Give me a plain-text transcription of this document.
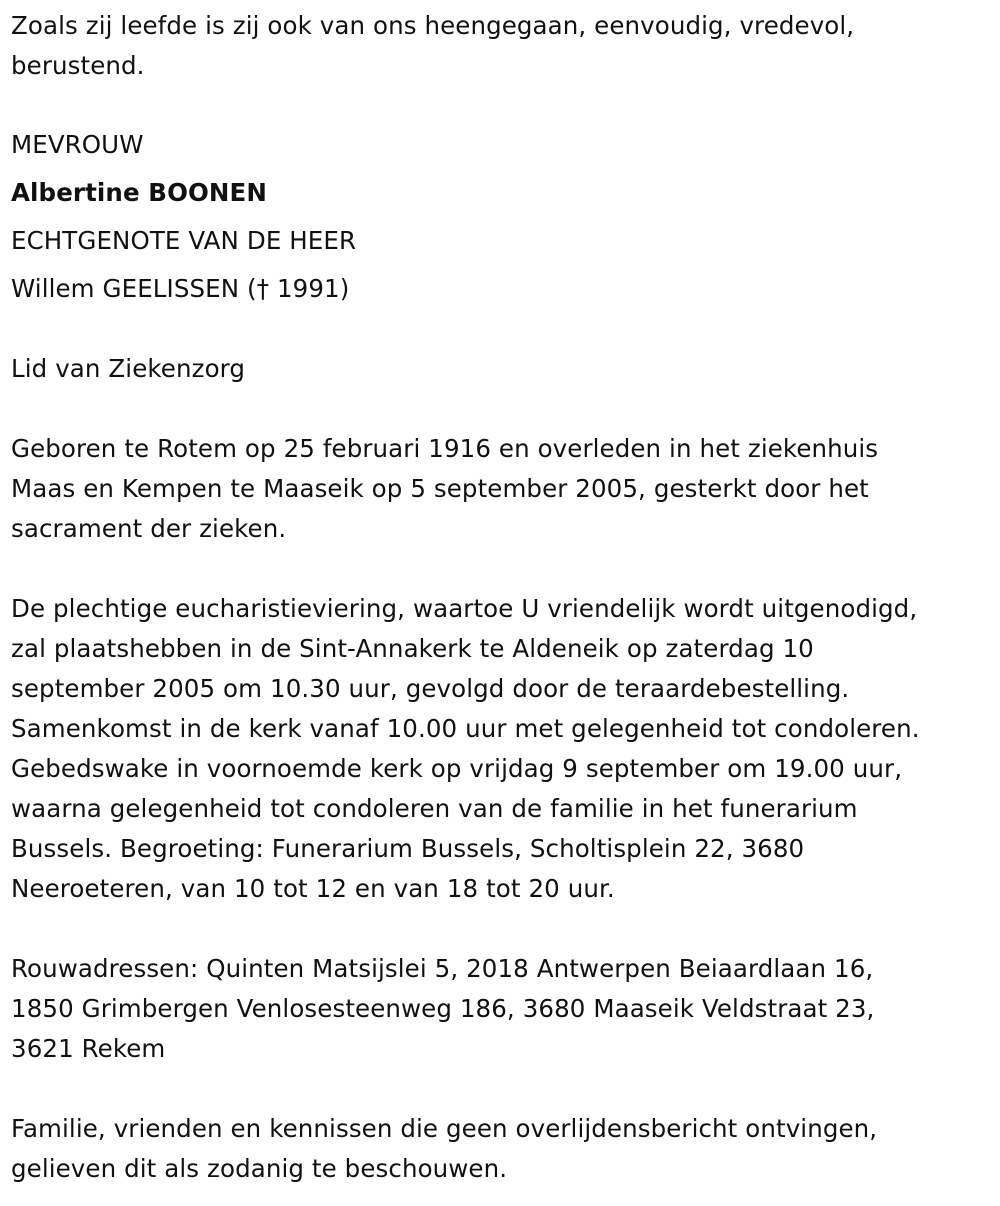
Zoals zij leefde is zij ook van ons heengegaan, eenvoudig, vredevol,
berustend.
MEVROUW
Albertine BOONEN
ECHTGENOTE VAN DE HEER
Willem GEELISSEN († 1991)
Lid van Ziekenzorg
Geboren te Rotem op 25 februari 1916 en overleden in het ziekenhuis
Maas en Kempen te Maaseik op 5 september 2005, gesterkt door het
sacrament der zieken.
De plechtige eucharistieviering, waartoe U vriendelijk wordt uitgenodigd,
zal plaatshebben in de Sint-Annakerk te Aldeneik op zaterdag 10
september 2005 om 10.30 uur, gevolgd door de teraardebestelling.
Samenkomst in de kerk vanaf 10.00 uur met gelegenheid tot condoleren.
Gebedswake in voornoemde kerk op vrijdag 9 september om 19.00 uur,
waarna gelegenheid tot condoleren van de familie in het funerarium
Bussels. Begroeting: Funerarium Bussels, Scholtisplein 22, 3680
Neeroeteren, van 10 tot 12 en van 18 tot 20 uur.
Rouwadressen: Quinten Matsijslei 5, 2018 Antwerpen Beiaardlaan 16,
1850 Grimbergen Venlosesteenweg 186, 3680 Maaseik Veldstraat 23,
3621 Rekem
Familie, vrienden en kennissen die geen overlijdensbericht ontvingen,
gelieven dit als zodanig te beschouwen.
